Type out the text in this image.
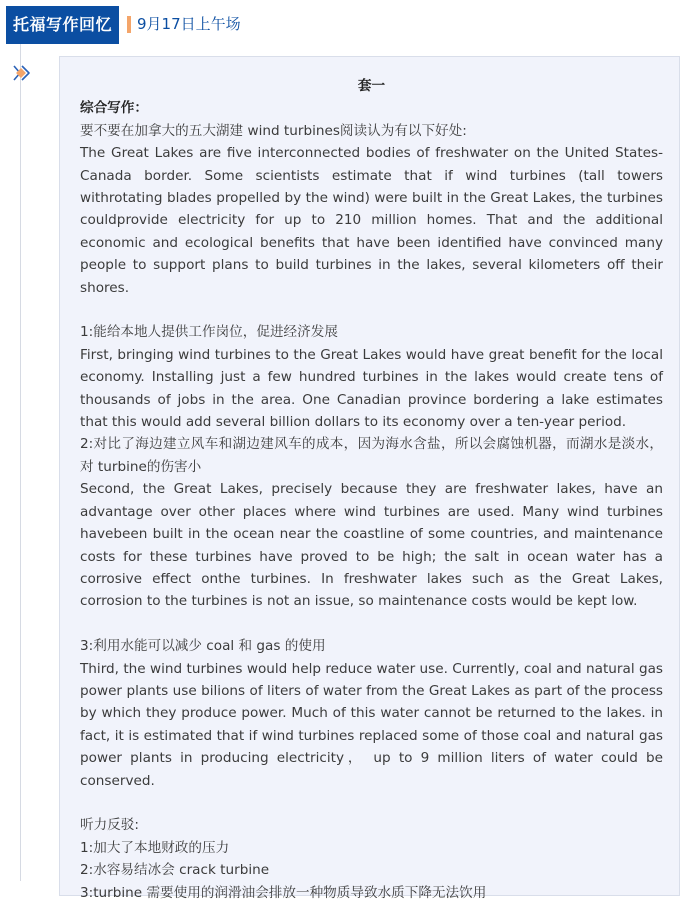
托福写作回忆	9月17日上午场

套一

综合写作：

要不要在加拿大的五大湖建 wind turbines阅读认为有以下好处:

The Great Lakes are five interconnected bodies of freshwater on the United States-Canada border. Some scientists estimate that if wind turbines (tall towers withrotating blades propelled by the wind) were built in the Great Lakes, the turbines couldprovide electricity for up to 210 million homes. That and the additional economic and ecological benefits that have been identified have convinced many people to support plans to build turbines in the lakes, several kilometers off their shores.

1:能给本地人提供工作岗位，促进经济发展

First, bringing wind turbines to the Great Lakes would have great benefit for the local economy. Installing just a few hundred turbines in the lakes would create tens of thousands of jobs in the area. One Canadian province bordering a lake estimates that this would add several billion dollars to its economy over a ten-year period.

2:对比了海边建立风车和湖边建风车的成本，因为海水含盐，所以会腐蚀机器，而湖水是淡水，对 turbine的伤害小

Second, the Great Lakes, precisely because they are freshwater lakes, have an advantage over other places where wind turbines are used. Many wind turbines havebeen built in the ocean near the coastline of some countries, and maintenance costs for these turbines have proved to be high; the salt in ocean water has a corrosive effect onthe turbines. In freshwater lakes such as the Great Lakes, corrosion to the turbines is not an issue, so maintenance costs would be kept low.

3:利用水能可以减少 coal 和 gas 的使用

Third, the wind turbines would help reduce water use. Currently, coal and natural gas power plants use bilions of liters of water from the Great Lakes as part of the process by which they produce power. Much of this water cannot be returned to the lakes. in fact, it is estimated that if wind turbines replaced some of those coal and natural gas power plants in producing electricity， up to 9 million liters of water could be conserved.

听力反驳:

1:加大了本地财政的压力

2:水容易结冰会 crack turbine

3:turbine 需要使用的润滑油会排放一种物质导致水质下降无法饮用
